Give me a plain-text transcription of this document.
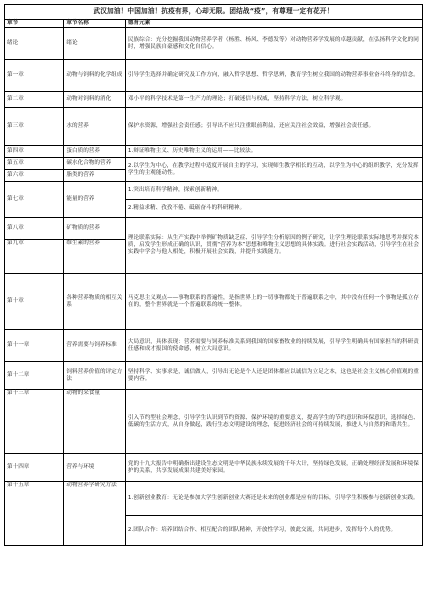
武汉加油！中国加油！抗疫有界，心却无限。团结战“疫”，有尊理一定有花开！		
章节	章节名称	德育元素
绪论	绪论	民族综合：充分挖掘我国动物营养学者（杨胜、杨风、李德发等）对动物营养学发展的卓越贡献，在弘扬科学文化的同时，增强民族自豪感和文化自信心。
第一章	动物与饲料的化学组成	引导学生选择并确定研究及工作方向，融入哲学思想、哲学思辨，教育学生树立我国的动物营养事业奋斗终身的信念。
第二章	动物对饲料的消化	邓小平的科学技术是第一生产力的理论；打破迷信与权威，坚持科学方法，树立科学观。
第三章	水的营养	保护水资源，增强社会责任感；引导出不应只注重眼前利益，还应关注社会效益，增强社会责任感。
第四章	蛋白质的营养	1.辩证唯物主义、历史唯物主义的运用——比较法。
第五章	碳水化合物的营养	2.以学生为中心，在教学过程中适度开展自主的学习，实现师生教学相长的互动，以学生为中心的组织教学，充分发挥学生的主观能动性。
第六章	脂类的营养	
第七章	能量的营养	1.突出培育科学精神，探索创新精神。
		2.精益求精、孜孜不倦、砥砺奋斗的科研精神。
第八章	矿物质的营养	理论联系实际：从生产实践中举例矿物质缺乏症、引导学生分析原因的例子研究，让学生理论联系实际地思考并探究本质，启发学生形成正确的认识，贯彻“营养为本”思想和唯物主义思想的具体实践。进行社会实践活动，引导学生在社会实践中学会与他人相处，积极开展社会实践，并提升实践能力。
第九章	维生素的营养	
第十章	各种营养物质的相互关系	马克思主义观点——事物联系的普遍性，是指世界上的一切事物都处于普遍联系之中，其中没有任何一个事物是孤立存在的，整个世界就是一个普遍联系的统一整体。
第十一章	营养需要与饲养标准	大局意识，具体表现：营养需要与饲养标准关系到我国的国家畜牧业的持续发展，引导学生明确具有国家担当的科研责任感和成才报国的使命感，树立大局意识。
第十二章	饲料营养价值的评定方法	坚持科学、实事求是，诚信做人，引导出无论是个人还是团体都应以诚信为立足之本，这也是社会主义核心价值观的重要内容。
第十三章	动物的采食量	引入节约型社会理念，引导学生认识到节约资源、保护环境的重要意义，提高学生的节约意识和环保意识，选择绿色、低碳的生活方式，从自身做起，践行生态文明建设的理念，促进经济社会的可持续发展，推进人与自然的和谐共生。
第十四章	营养与环境	党的十九大报告中明确指出建设生态文明是中华民族永续发展的千年大计，坚持绿色发展，正确处理经济发展和环境保护的关系，共享发展成果共建美好家园。
第十五章	动物营养学研究方法	1.创新创业教育：无论是参加大学生创新创业大赛还是未来的创业都是应有的目标，引导学生积极参与创新创业实践。
		2.团队合作：培养团结合作、相互配合的团队精神，开放性学习，彼此交流，共同进步，发挥每个人的优势。
